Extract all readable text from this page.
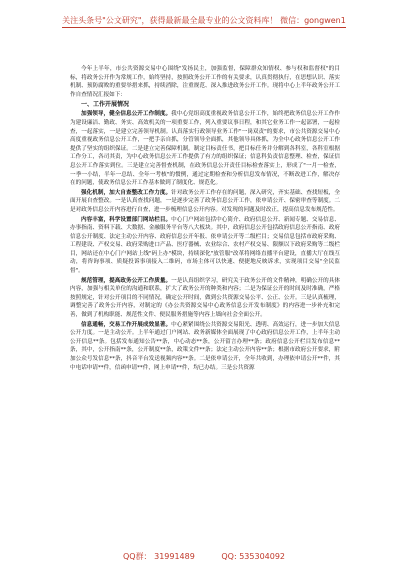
关注头条号"公文研究"，获得最新最全最专业的公文资料库！ 微信：gongwen1

今年上半年，市公共资源交易中心围绕"发扬民主，加强监督，保障群众知情权、参与权和监督权"的目标，将政务公开作为常规工作，始终坚持，按照政务公开工作的有关要求，认真贯彻执行，在思想认识、落实机制、预防腐败的重要举措来抓，持续消除，注重规范、深入推进政务公开工作。现将中心上半年政务公开工作自查情况汇报如下：

一、工作开展情况

加强领导，健全信息公开工作制度。我中心党组高度重视政务信息公开工作，始终把政务信息公开工作作为建设廉洁、勤政、务实、高效机关的一项重要工作，列入重要议事日程，和其它业务工作一起部署，一起检查，一起落实，一是建立完善领导机制。认真落实行政领导业务工作"一岗双责"的要求，市公共资源交易中心高度重视政务信息公开工作，一把手亲自抓，分管领导全面抓，其他领导具体抓，为全中心政务信息公开工作提供了坚实的组织保证。二是建立完善保障机制。制定目标责任书，把目标任务并分解到各科室，各科室根据工作分工，各司其责，为中心政务信息公开工作提供了有力的组织保证；信息科负责信息整理、检查，保证信息公开工作落实到位。三是建立完善督查机制，在政务信息公开责任目标检查落实上，形成了"一月一检查，一季一小结，半年一总结、全年一考核"的惯例，通过定期检查和分析信息发布情况，不断改进工作，解决存在的问题，使政务信息公开工作基本做到了制度化、规范化。

强化机制，加大自查整改工作力度。针对政务公开工作存在的问题，深入研究，齐实基础、查找短板，全面开展自查整改。一是认真查找问题，一是逐步完善了政务信息公开工作，依申请公开、保密审查等制度。二是对政务信息公开内容进行自查，进一步梳理信息公开内容。对发现的问题及时改正，提高信息发布规范性。

内容丰富，科学设置部门网站栏目。中心门户网站包括中心简介、政府信息公开、新闻专题、交易信息、办事指南、资料下载、大数据、金融服务平台等八大板块。其中，政府信息公开包括政府信息公开指南、政府信息公开制度、法定主动公开内容、政府信息公开年报、依申请公开等二级栏目；交易信息包括市政府采购、工程建设、产权交易、政府采购进口产品、医疗器械、农业综合、农村产权交易、限额以下政府采购等二级栏目，网站还在中心门户网站上线"码上办"模块，持续深化"放管服"改革将网络直播平台建设，直播大厅在线互动，将咨询事项、质疑投诉事项接入二维码，市场主体可以快速、便捷地反映诉求，实现项目交易"全民监督"。

规范管理，提高政务公开工作质量。一是认真组织学习，研究关于政务公开的文件精神，明确公开的具体内容，加强与相关单位的沟通和联系，扩大了政务公开的种类和内容；二是为保证公开的时间及时准确，严格按照规定，针对公开项目的不同情况，确定公开时间，做到公共资源交易公平、公正、公开。三是认真梳理，调整完善了政务公开内容，对制定的《办公共资源交易中心政务信息公开发布制度》的内容进一步补充和完善，做到了机构职能、规范性文件、便民服务措施等内容上墙向社会全面公开。

信息通畅，交易工作开展成效显著。中心紧紧围绕公共资源交易阳光、透明、高效运行，进一步加大信息公开力度。一是主动公开。上半年通过门户网站、政务新媒体全面展现了中心政府信息公开工作，上半年主动公开信息**条。包括发布通知公告**条，中心动态**条，公开留言办理**条；政府信息公开栏目发布信息**条，其中，公开指南**条，公开制度**条，政策文件**条；法定主动公开内容**条；根据市政府公开要求，附加公众号发信息**条，抖音平台发送视频内容**条。二是依申请公开，全年共收到，办理依申请公开**件，其中电话申请**件，信函申请**件，网上申请**件，均已办结。三是公共资源

QQ群： 31991489	QQ: 535304092
